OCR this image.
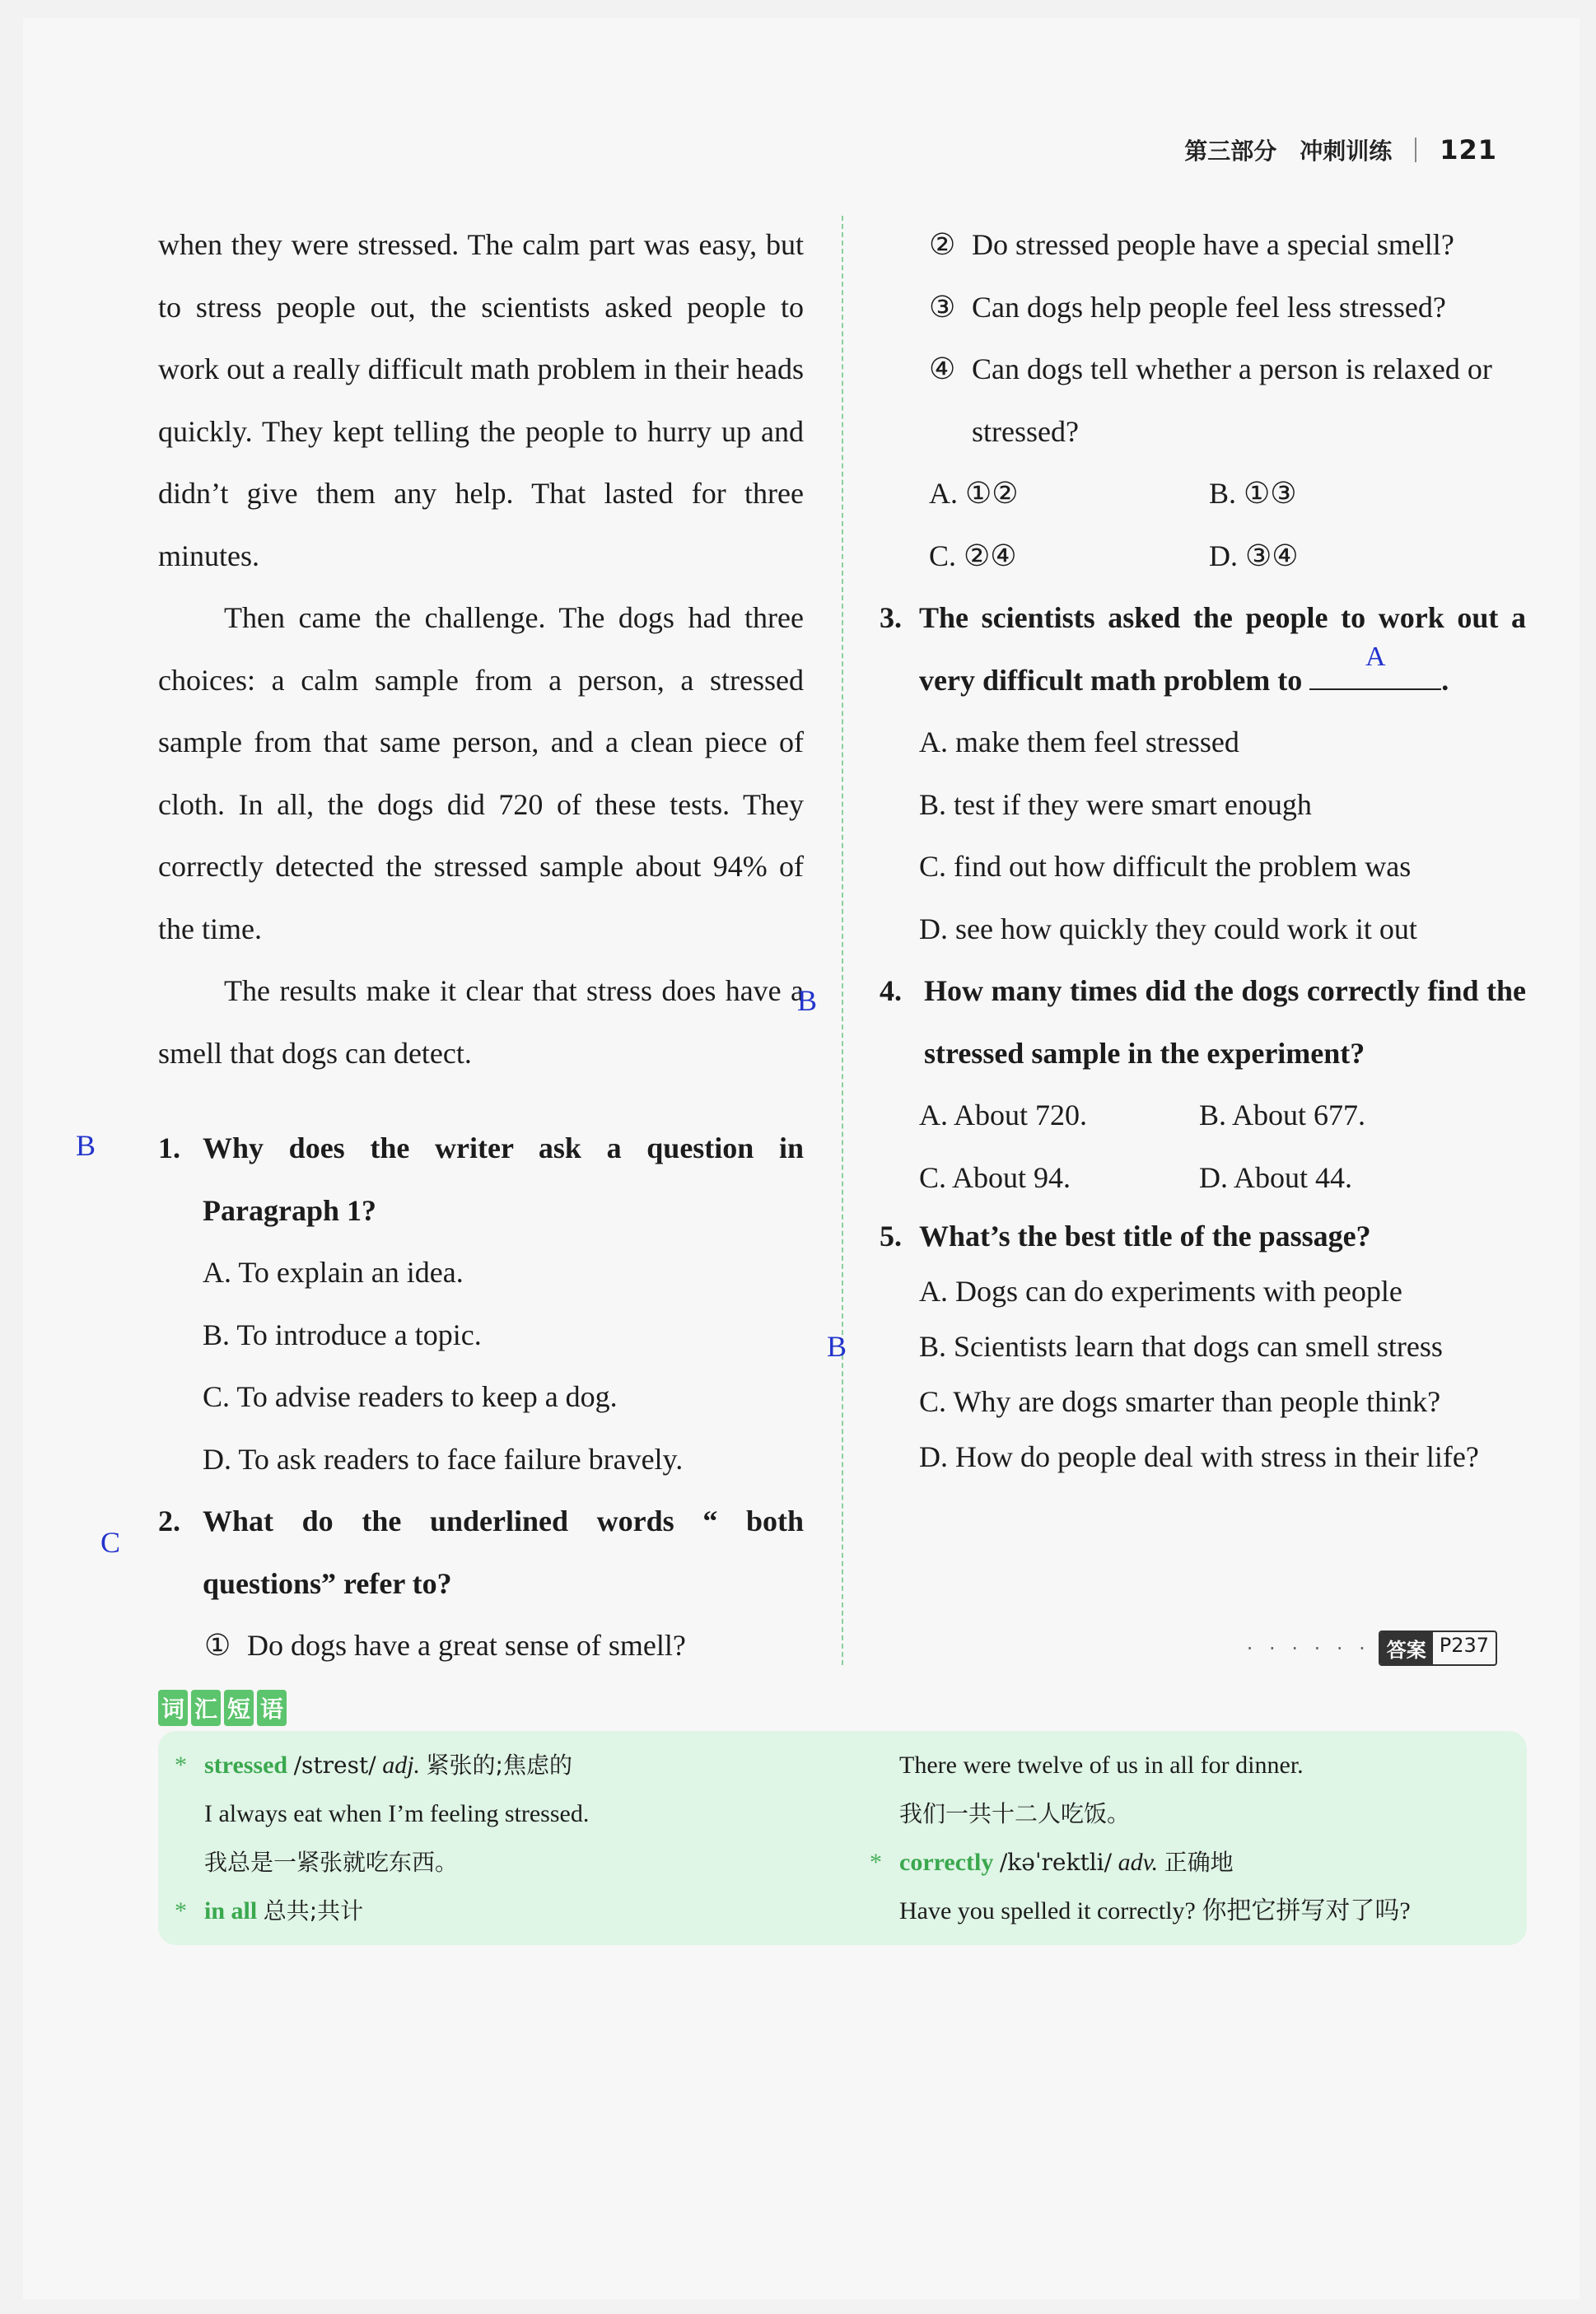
第三部分　冲刺训练 121

when they were stressed. The calm part was easy, but to stress people out, the scientists asked people to work out a really difficult math problem in their heads quickly. They kept telling the people to hurry up and didn’t give them any help. That lasted for three minutes.

Then came the challenge. The dogs had three choices: a calm sample from a person, a stressed sample from that same person, and a clean piece of cloth. In all, the dogs did 720 of these tests. They correctly detected the stressed sample about 94% of the time.

The results make it clear that stress does have a smell that dogs can detect.

1. Why does the writer ask a question in Paragraph 1?
A. To explain an idea.
B. To introduce a topic.
C. To advise readers to keep a dog.
D. To ask readers to face failure bravely.
2. What do the underlined words “ both questions” refer to?
① Do dogs have a great sense of smell?
② Do stressed people have a special smell?
③ Can dogs help people feel less stressed?
④ Can dogs tell whether a person is relaxed or stressed?
A. ①②	B. ①③
C. ②④	D. ③④
3. The scientists asked the people to work out a very difficult math problem to
A
.
A. make them feel stressed
B. test if they were smart enough
C. find out how difficult the problem was
D. see how quickly they could work it out
4. How many times did the dogs correctly find the stressed sample in the experiment?
A. About 720.	B. About 677.
C. About 94.	D. About 44.
5. What’s the best title of the passage?
A. Dogs can do experiments with people
B. Scientists learn that dogs can smell stress
C. Why are dogs smarter than people think?
D. How do people deal with stress in their life?
B
C
B
B
· · · · · · 答案 P237
词 汇 短 语
* stressed /strest/ adj. 紧张的;焦虑的
I always eat when I’m feeling stressed.
我总是一紧张就吃东西。
* in all 总共;共计
There were twelve of us in all for dinner.
我们一共十二人吃饭。
* correctly /kəˈrektli/ adv. 正确地
Have you spelled it correctly? 你把它拼写对了吗?
